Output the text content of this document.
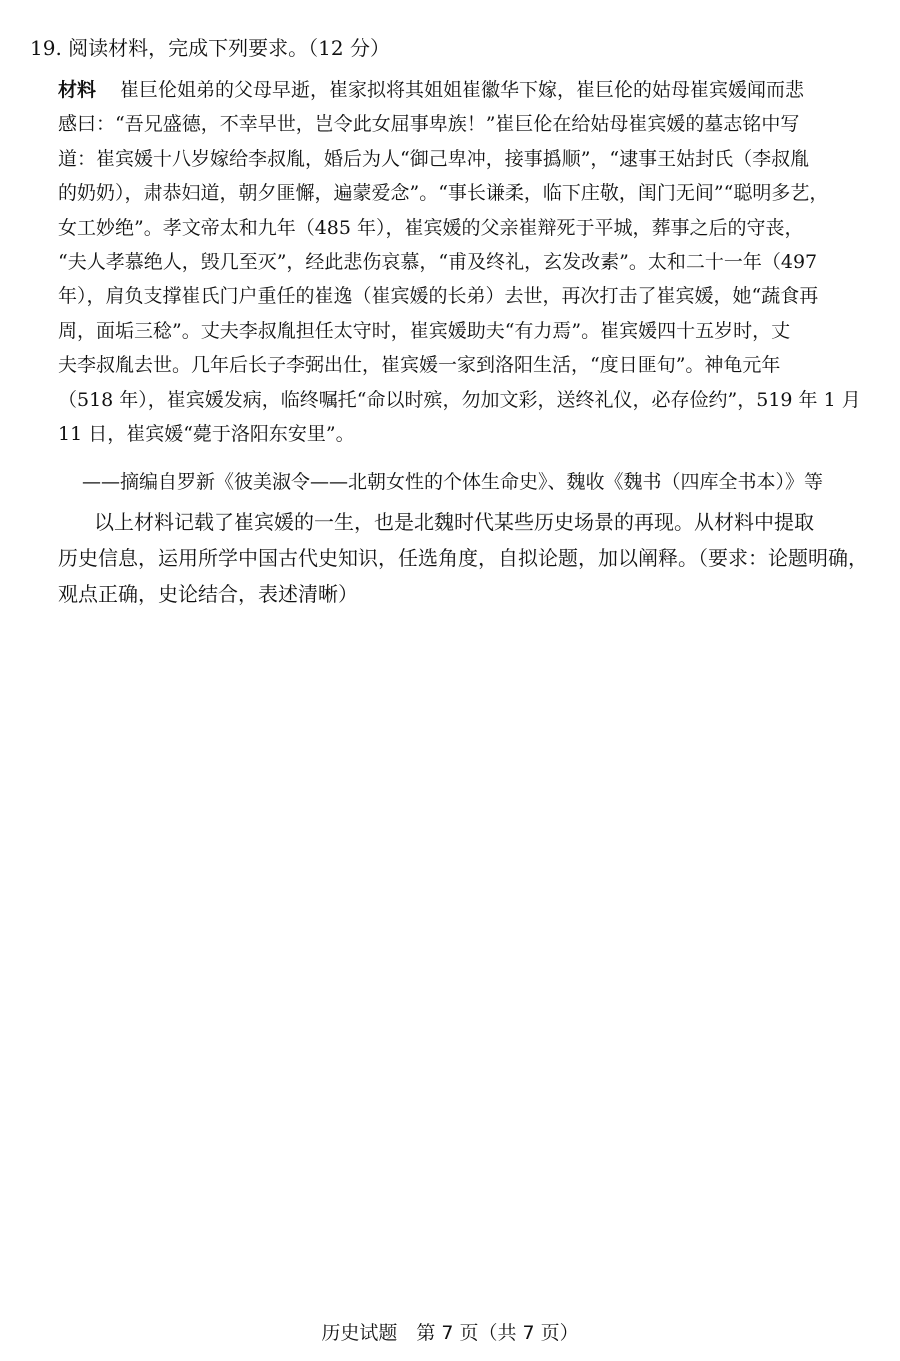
19. 阅读材料，完成下列要求。（12 分）
材料 崔巨伦姐弟的父母早逝，崔家拟将其姐姐崔徽华下嫁，崔巨伦的姑母崔宾媛闻而悲
感曰：“吾兄盛德，不幸早世，岂令此女屈事卑族！”崔巨伦在给姑母崔宾媛的墓志铭中写
道：崔宾媛十八岁嫁给李叔胤，婚后为人“御己卑冲，接事撝顺”，“逮事王姑封氏（李叔胤
的奶奶），肃恭妇道，朝夕匪懈，遍蒙爱念”。“事长谦柔，临下庄敬，闺门无间”“聪明多艺，
女工妙绝”。孝文帝太和九年（485 年），崔宾媛的父亲崔辩死于平城，葬事之后的守丧，
“夫人孝慕绝人，毁几至灭”，经此悲伤哀慕，“甫及终礼，玄发改素”。太和二十一年（497
年），肩负支撑崔氏门户重任的崔逸（崔宾媛的长弟）去世，再次打击了崔宾媛，她“蔬食再
周，面垢三稔”。丈夫李叔胤担任太守时，崔宾媛助夫“有力焉”。崔宾媛四十五岁时，丈
夫李叔胤去世。几年后长子李弼出仕，崔宾媛一家到洛阳生活，“度日匪旬”。神龟元年
（518 年），崔宾媛发病，临终嘱托“命以时殡，勿加文彩，送终礼仪，必存俭约”，519 年 1 月
11 日，崔宾媛“薨于洛阳东安里”。
——摘编自罗新《彼美淑令——北朝女性的个体生命史》、魏收《魏书（四库全书本）》等
以上材料记载了崔宾媛的一生，也是北魏时代某些历史场景的再现。从材料中提取
历史信息，运用所学中国古代史知识，任选角度，自拟论题，加以阐释。（要求：论题明确，
观点正确，史论结合，表述清晰）
历史试题　第 7 页（共 7 页）
